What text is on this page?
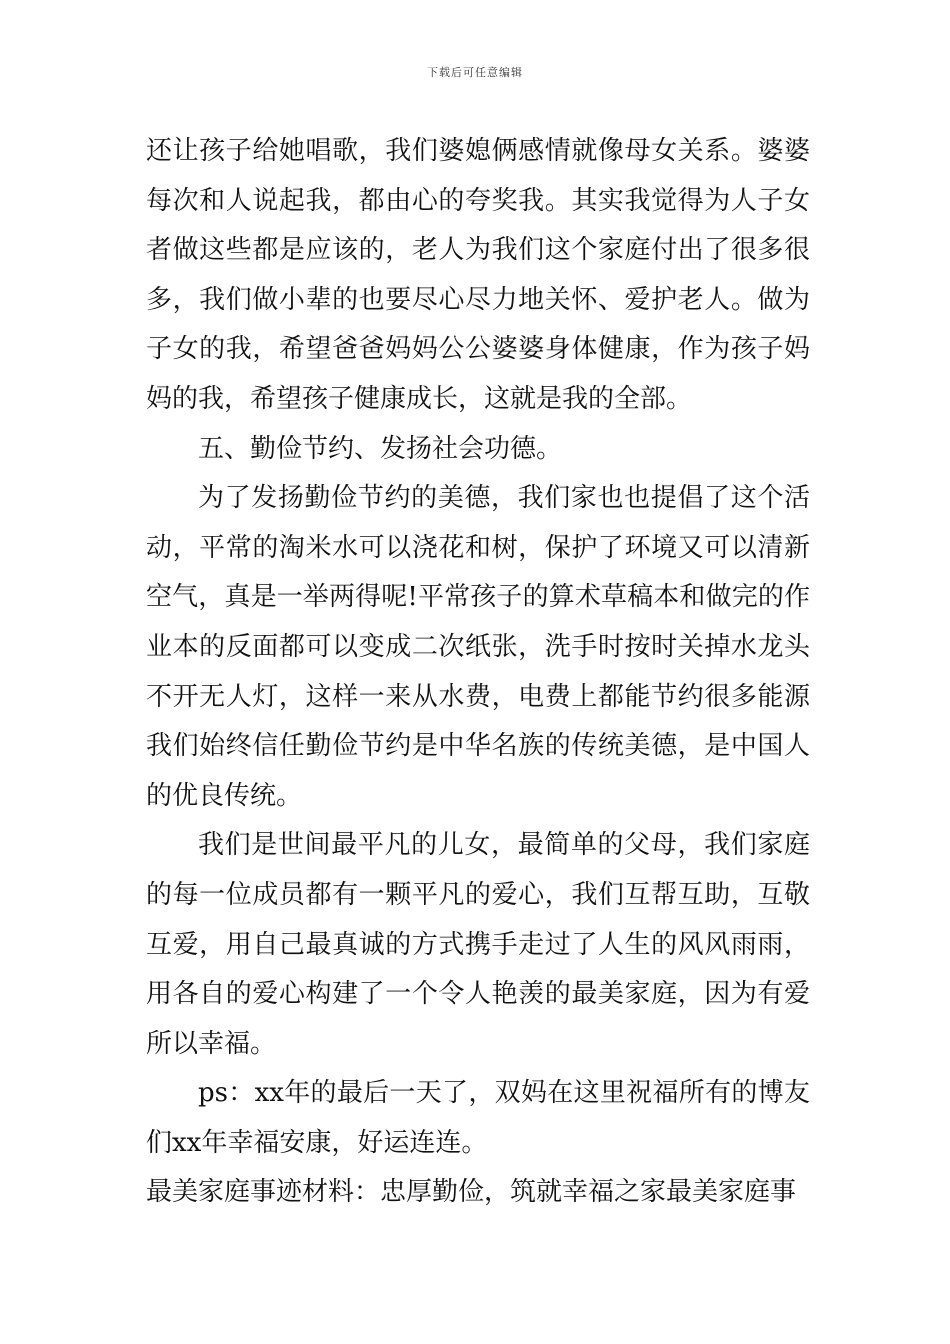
下载后可任意编辑

还让孩子给她唱歌，我们婆媳俩感情就像母女关系。婆婆每次和人说起我，都由心的夸奖我。其实我觉得为人子女者做这些都是应该的，老人为我们这个家庭付出了很多很多，我们做小辈的也要尽心尽力地关怀、爱护老人。做为子女的我，希望爸爸妈妈公公婆婆身体健康，作为孩子妈妈的我，希望孩子健康成长，这就是我的全部。

五、勤俭节约、发扬社会功德。

为了发扬勤俭节约的美德，我们家也也提倡了这个活动，平常的淘米水可以浇花和树，保护了环境又可以清新空气，真是一举两得呢!平常孩子的算术草稿本和做完的作业本的反面都可以变成二次纸张，洗手时按时关掉水龙头不开无人灯，这样一来从水费，电费上都能节约很多能源我们始终信任勤俭节约是中华名族的传统美德，是中国人的优良传统。

我们是世间最平凡的儿女，最简单的父母，我们家庭的每一位成员都有一颗平凡的爱心，我们互帮互助，互敬互爱，用自己最真诚的方式携手走过了人生的风风雨雨，用各自的爱心构建了一个令人艳羡的最美家庭，因为有爱所以幸福。

ps：xx年的最后一天了，双妈在这里祝福所有的博友们xx年幸福安康，好运连连。

最美家庭事迹材料：忠厚勤俭，筑就幸福之家最美家庭事
